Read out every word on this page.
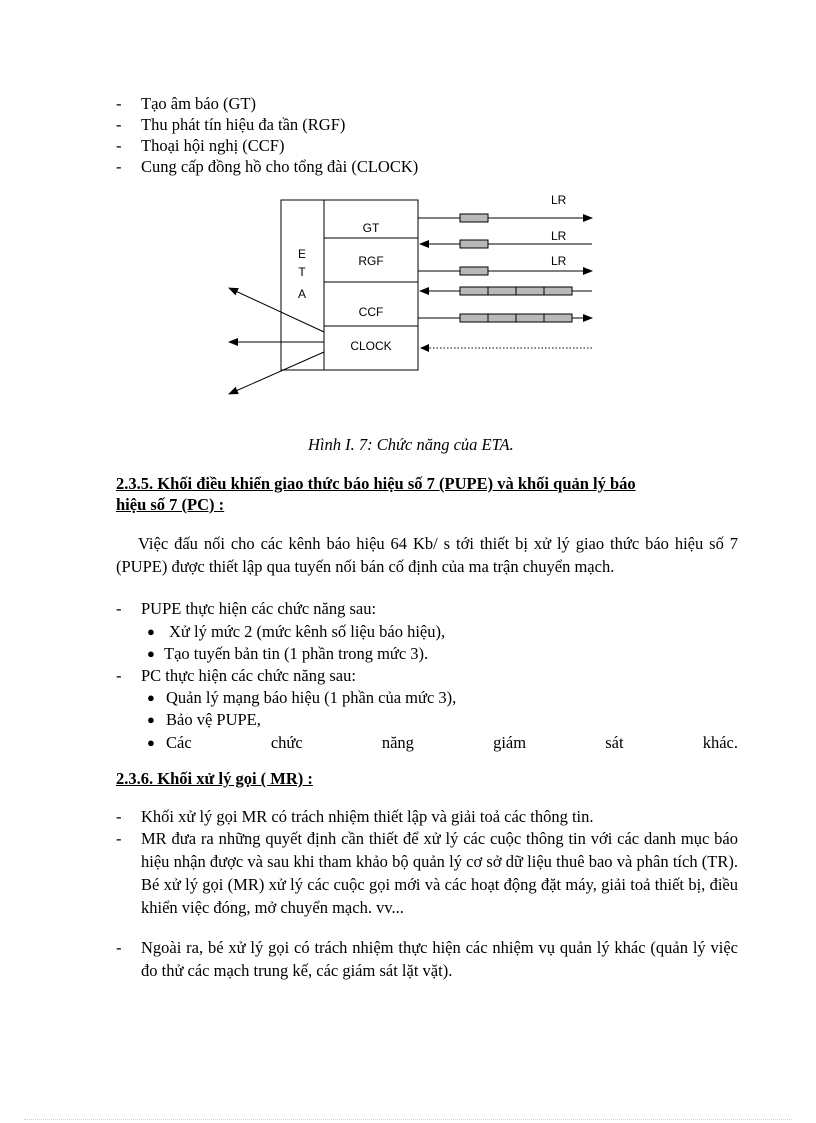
- Tạo âm báo (GT)
- Thu phát tín hiệu đa tần (RGF)
- Thoại hội nghị (CCF)
- Cung cấp đồng hồ cho tổng đài (CLOCK)
E
T
A
GT
RGF
CCF
CLOCK
LR
LR
LR
Hình I. 7: Chức năng của ETA.
2.3.5. Khối điều khiển giao thức báo hiệu số 7 (PUPE) và khối quản lý báo
hiệu số 7 (PC) :
Việc đấu nối cho các kênh báo hiệu 64 Kb/ s tới thiết bị xử lý giao thức báo hiệu số 7 (PUPE) được thiết lập qua tuyến nối bán cố định của ma trận chuyển mạch.
- PUPE thực hiện các chức năng sau:
● Xử lý mức 2 (mức kênh số liệu báo hiệu),
● Tạo tuyến bản tin (1 phần trong mức 3).
- PC thực hiện các chức năng sau:
● Quản lý mạng báo hiệu (1 phần của mức 3),
● Bảo vệ PUPE,
● Các chức năng giám sát khác.
2.3.6. Khối xử lý gọi ( MR) :
- Khối xử lý gọi MR có trách nhiệm thiết lập và giải toả các thông tin.
- MR đưa ra những quyết định cần thiết để xử lý các cuộc thông tin với các danh mục báo hiệu nhận được và sau khi tham khảo bộ quản lý cơ sở dữ liệu thuê bao và phân tích (TR). Bé xử lý gọi (MR) xử lý các cuộc gọi mới và các hoạt động đặt máy, giải toả thiết bị, điều khiển việc đóng, mở chuyển mạch. vv...
- Ngoài ra, bé xử lý gọi có trách nhiệm thực hiện các nhiệm vụ quản lý khác (quản lý việc đo thử các mạch trung kế, các giám sát lặt vặt).
